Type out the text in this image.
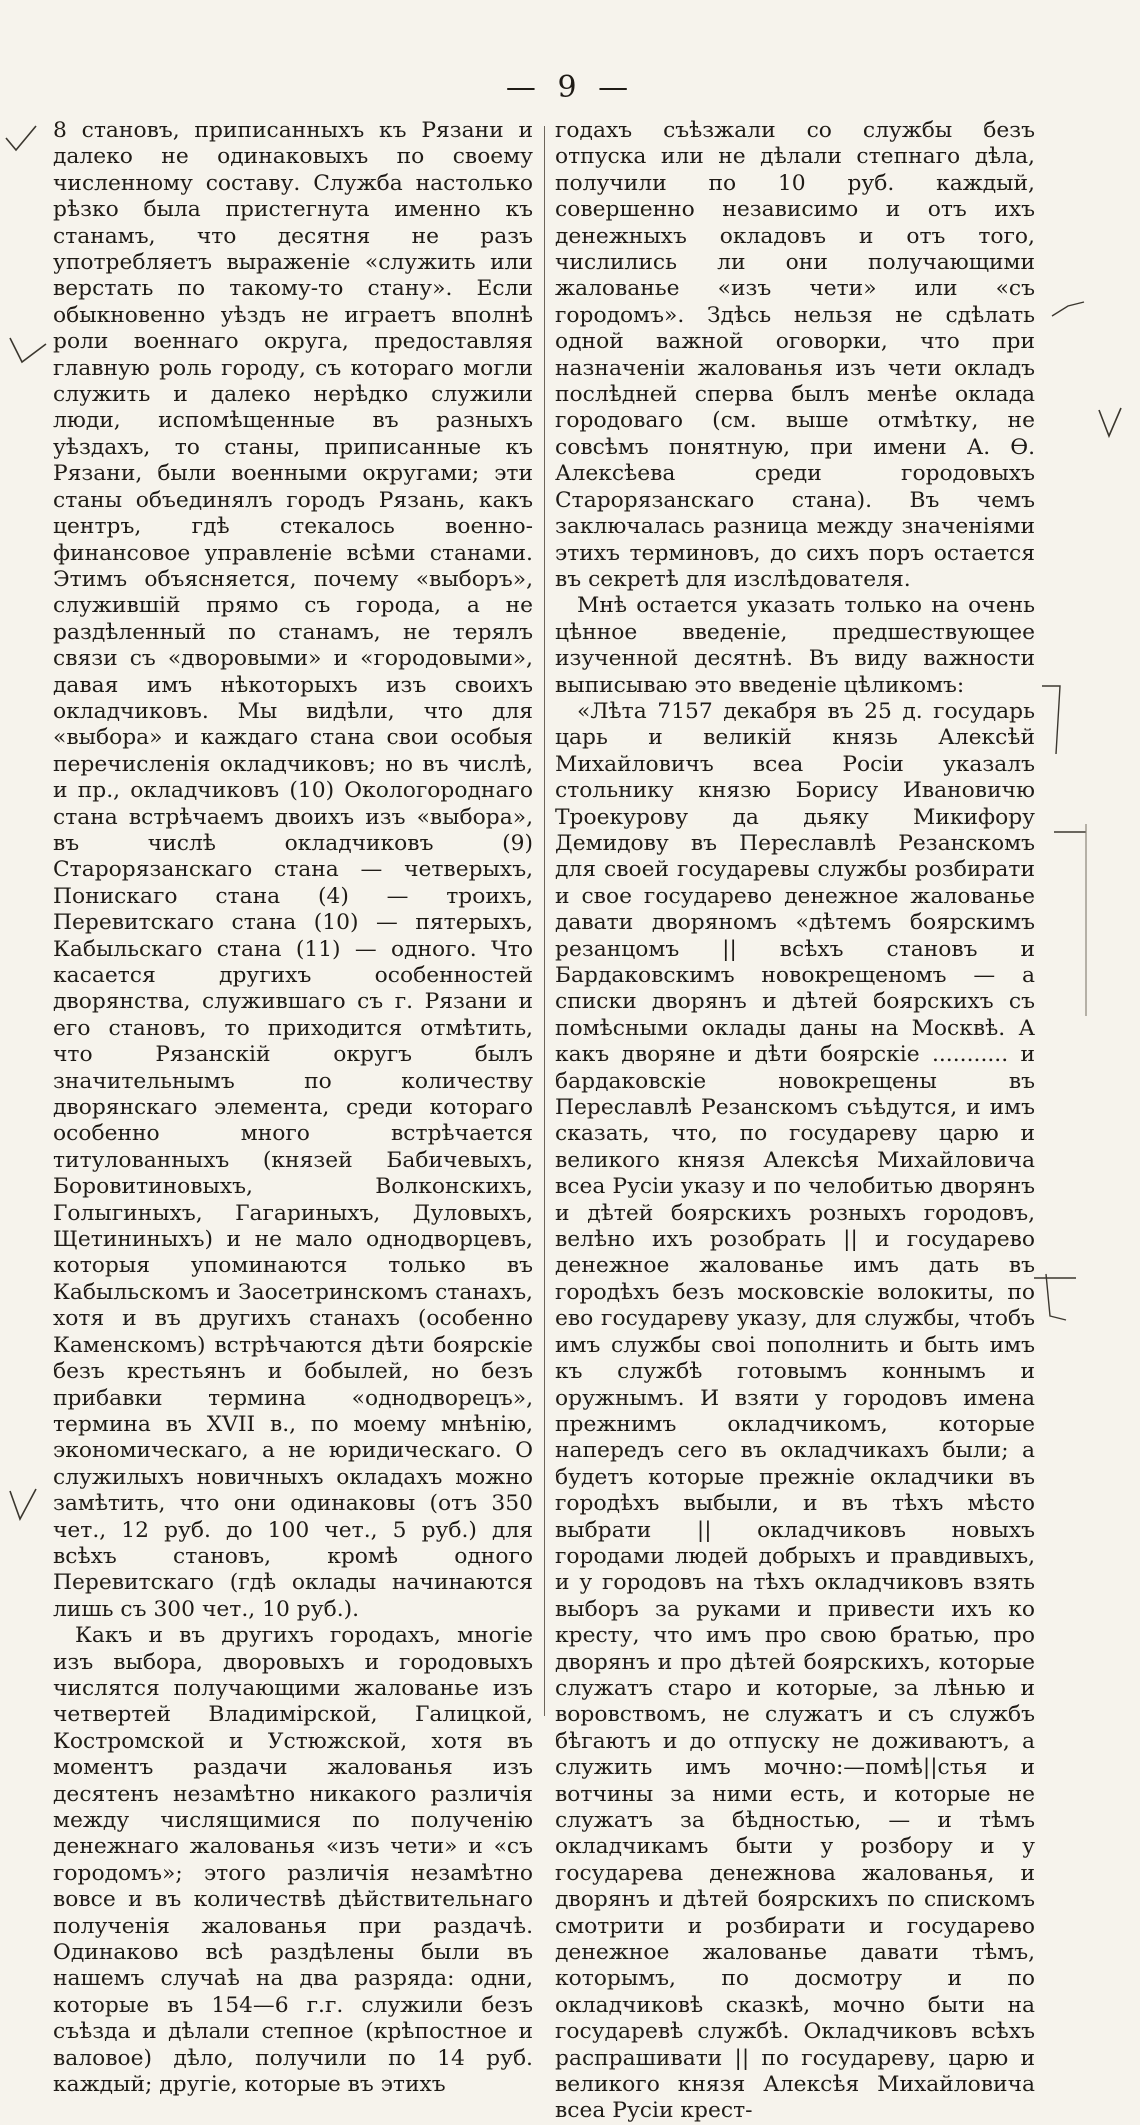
— 9 —

8 становъ, приписанныхъ къ Рязани и далеко не одинаковыхъ по своему численному составу. Служба настолько рѣзко была пристегнута именно къ станамъ, что десятня не разъ употребляетъ выраженіе «служить или верстать по такому-то стану». Если обыкновенно уѣздъ не играетъ вполнѣ роли военнаго округа, предоставляя главную роль городу, съ котораго могли служить и далеко нерѣдко служили люди, испомѣщенные въ разныхъ уѣздахъ, то станы, приписанные къ Рязани, были военными округами; эти станы объединялъ городъ Рязань, какъ центръ, гдѣ стекалось военно-финансовое управленіе всѣми станами. Этимъ объясняется, почему «выборъ», служившій прямо съ города, а не раздѣленный по станамъ, не терялъ связи съ «дворовыми» и «городовыми», давая имъ нѣкоторыхъ изъ своихъ окладчиковъ. Мы видѣли, что для «выбора» и каждаго стана свои особыя перечисленія окладчиковъ; но въ числѣ, и пр., окладчиковъ (10) Окологороднаго стана встрѣчаемъ двоихъ изъ «выбора», въ числѣ окладчиковъ (9) Старорязанскаго стана — четверыхъ, Понискаго стана (4) — троихъ, Перевитскаго стана (10) — пятерыхъ, Кабыльскаго стана (11) — одного. Что касается другихъ особенностей дворянства, служившаго съ г. Рязани и его становъ, то приходится отмѣтить, что Рязанскій округъ былъ значительнымъ по количеству дворянскаго элемента, среди котораго особенно много встрѣчается титулованныхъ (князей Бабичевыхъ, Боровитиновыхъ, Волконскихъ, Голыгиныхъ, Гагариныхъ, Дуловыхъ, Щетининыхъ) и не мало однодворцевъ, которыя упоминаются только въ Кабыльскомъ и Заосетринскомъ станахъ, хотя и въ другихъ станахъ (особенно Каменскомъ) встрѣчаются дѣти боярскіе безъ крестьянъ и бобылей, но безъ прибавки термина «однодворецъ», термина въ XVII в., по моему мнѣнію, экономическаго, а не юридическаго. О служилыхъ новичныхъ окладахъ можно замѣтить, что они одинаковы (отъ 350 чет., 12 руб. до 100 чет., 5 руб.) для всѣхъ становъ, кромѣ одного Перевитскаго (гдѣ оклады начинаются лишь съ 300 чет., 10 руб.).

Какъ и въ другихъ городахъ, многіе изъ выбора, дворовыхъ и городовыхъ числятся получающими жалованье изъ четвертей Владимірской, Галицкой, Костромской и Устюжской, хотя въ моментъ раздачи жалованья изъ десятенъ незамѣтно никакого различія между числящимися по полученію денежнаго жалованья «изъ чети» и «съ городомъ»; этого различія незамѣтно вовсе и въ количествѣ дѣйствительнаго полученія жалованья при раздачѣ. Одинаково всѣ раздѣлены были въ нашемъ случаѣ на два разряда: одни, которые въ 154—6 г.г. служили безъ съѣзда и дѣлали степное (крѣпостное и валовое) дѣло, получили по 14 руб. каждый; другіе, которые въ этихъ

годахъ съѣзжали со службы безъ отпуска или не дѣлали степнаго дѣла, получили по 10 руб. каждый, совершенно независимо и отъ ихъ денежныхъ окладовъ и отъ того, числились ли они получающими жалованье «изъ чети» или «съ городомъ». Здѣсь нельзя не сдѣлать одной важной оговорки, что при назначеніи жалованья изъ чети окладъ послѣдней сперва былъ менѣе оклада городоваго (см. выше отмѣтку, не совсѣмъ понятную, при имени А. Ө. Алексѣева среди городовыхъ Старорязанскаго стана). Въ чемъ заключалась разница между значеніями этихъ терминовъ, до сихъ поръ остается въ секретѣ для изслѣдователя.

Мнѣ остается указать только на очень цѣнное введеніе, предшествующее изученной десятнѣ. Въ виду важности выписываю это введеніе цѣликомъ:

«Лѣта 7157 декабря въ 25 д. государь царь и великій князь Алексѣй Михайловичъ всеа Росіи указалъ стольнику князю Борису Ивановичю Троекурову да дьяку Микифору Демидову въ Переславлѣ Резанскомъ для своей государевы службы розбирати и свое государево денежное жалованье давати дворяномъ «дѣтемъ боярскимъ резанцомъ || всѣхъ становъ и Бардаковскимъ новокрещеномъ — а списки дворянъ и дѣтей боярскихъ съ помѣсными оклады даны на Москвѣ. А какъ дворяне и дѣти боярскіе ........... и бардаковскіе новокрещены въ Переславлѣ Резанскомъ съѣдутся, и имъ сказать, что, по государеву царю и великого князя Алексѣя Михайловича всеа Русіи указу и по челобитью дворянъ и дѣтей боярскихъ розныхъ городовъ, велѣно ихъ розобрать || и государево денежное жалованье имъ дать въ городѣхъ безъ московскіе волокиты, по ево государеву указу, для службы, чтобъ имъ службы своі пополнить и быть имъ къ службѣ готовымъ коннымъ и оружнымъ. И взяти у городовъ имена прежнимъ окладчикомъ, которые напередъ сего въ окладчикахъ были; а будетъ которые прежніе окладчики въ городѣхъ выбыли, и въ тѣхъ мѣсто выбрати || окладчиковъ новыхъ городами людей добрыхъ и правдивыхъ, и у городовъ на тѣхъ окладчиковъ взять выборъ за руками и привести ихъ ко кресту, что имъ про свою братью, про дворянъ и про дѣтей боярскихъ, которые служатъ старо и которые, за лѣнью и воровствомъ, не служатъ и съ службъ бѣгаютъ и до отпуску не доживаютъ, а служить имъ мочно:—помѣ||стья и вотчины за ними есть, и которые не служатъ за бѣдностью, — и тѣмъ окладчикамъ быти у розбору и у государева денежнова жалованья, и дворянъ и дѣтей боярскихъ по спискомъ смотрити и розбирати и государево денежное жалованье давати тѣмъ, которымъ, по досмотру и по окладчиковѣ сказкѣ, мочно быти на государевѣ службѣ. Окладчиковъ всѣхъ распрашивати || по государеву, царю и великого князя Алексѣя Михайловича всеа Русіи крест-
